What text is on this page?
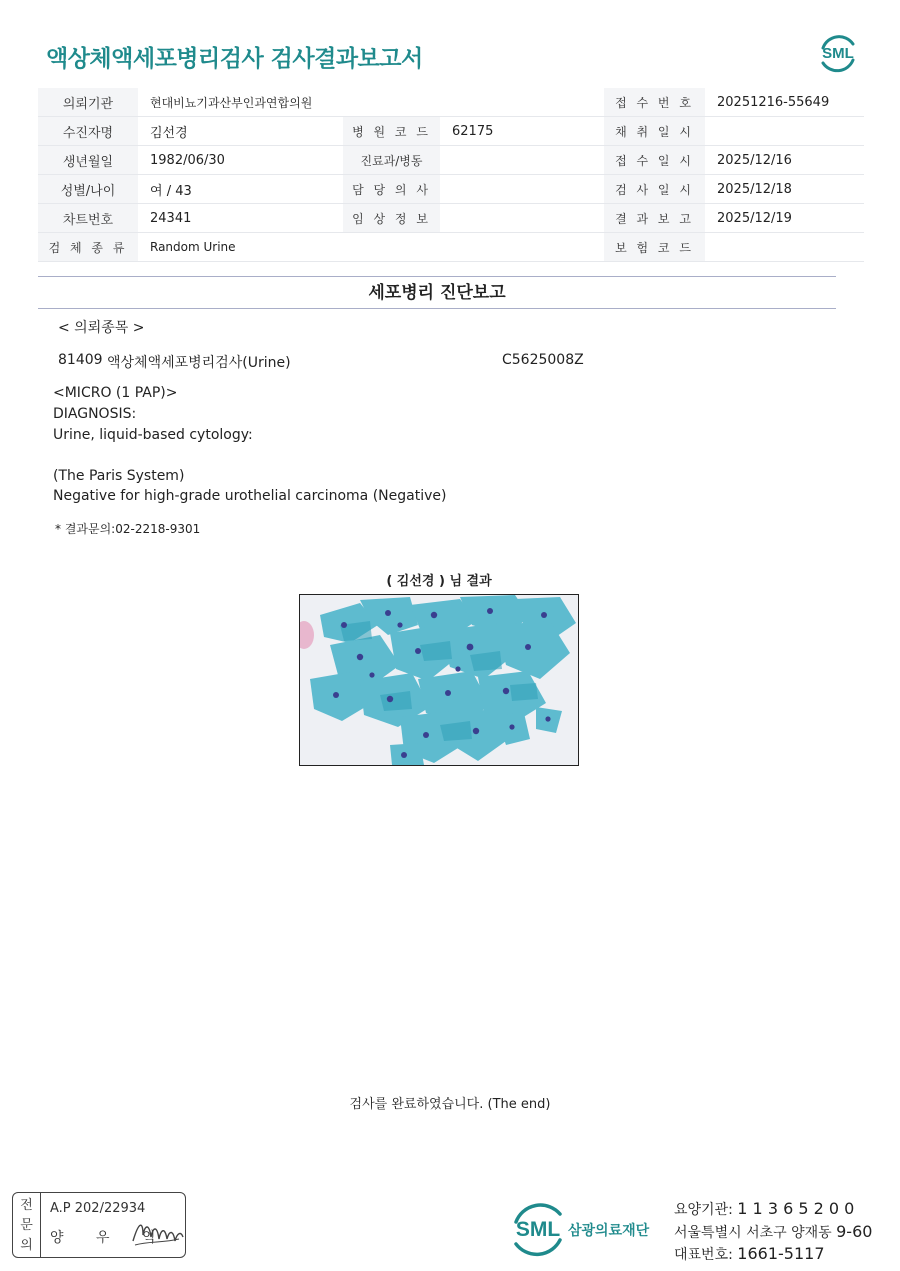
액상체액세포병리검사 검사결과보고서	SML
의뢰기관	현대비뇨기과산부인과연합의원			접 수 번 호	20251216-55649
수진자명	김선경	병 원 코 드	62175	채 취 일 시	
생년월일	1982/06/30	진료과/병동		접 수 일 시	2025/12/16
성별/나이	여 / 43	담 당 의 사		검 사 일 시	2025/12/18
차트번호	24341	임 상 정 보		결 과 보 고	2025/12/19
검 체 종 류	Random Urine			보 험 코 드	
세포병리 진단보고
< 의뢰종목 >
81409 액상체액세포병리검사(Urine)	C5625008Z
<MICRO (1 PAP)>
DIAGNOSIS:
Urine, liquid-based cytology:
(The Paris System)
Negative for high-grade urothelial carcinoma (Negative)
* 결과문의:02-2218-9301
( 김선경 ) 님 결과
검사를 완료하였습니다. (The end)
전
문
의
A.P 202/22934
양 우 익	SML 삼광의료재단
요양기관: 1 1 3 6 5 2 0 0
서울특별시 서초구 양재동 9-60
대표번호: 1661-5117
